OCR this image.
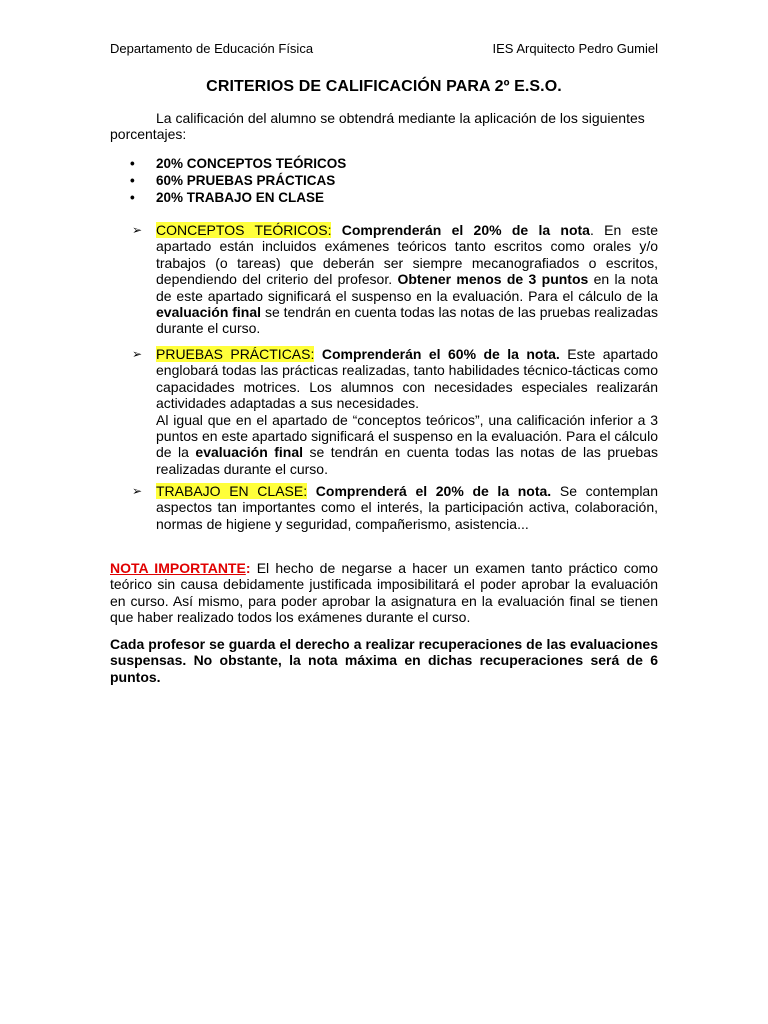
Departamento de Educación Física	IES Arquitecto Pedro Gumiel
CRITERIOS DE CALIFICACIÓN PARA 2º E.S.O.
La calificación del alumno se obtendrá mediante la aplicación de los siguientes porcentajes:
• 20% CONCEPTOS TEÓRICOS
• 60% PRUEBAS PRÁCTICAS
• 20% TRABAJO EN CLASE
➢ CONCEPTOS TEÓRICOS: Comprenderán el 20% de la nota. En este apartado están incluidos exámenes teóricos tanto escritos como orales y/o trabajos (o tareas) que deberán ser siempre mecanografiados o escritos, dependiendo del criterio del profesor. Obtener menos de 3 puntos en la nota de este apartado significará el suspenso en la evaluación. Para el cálculo de la evaluación final se tendrán en cuenta todas las notas de las pruebas realizadas durante el curso.
➢ PRUEBAS PRÁCTICAS: Comprenderán el 60% de la nota. Este apartado englobará todas las prácticas realizadas, tanto habilidades técnico-tácticas como capacidades motrices. Los alumnos con necesidades especiales realizarán actividades adaptadas a sus necesidades.
Al igual que en el apartado de “conceptos teóricos”, una calificación inferior a 3 puntos en este apartado significará el suspenso en la evaluación. Para el cálculo de la evaluación final se tendrán en cuenta todas las notas de las pruebas realizadas durante el curso.
➢ TRABAJO EN CLASE: Comprenderá el 20% de la nota. Se contemplan aspectos tan importantes como el interés, la participación activa, colaboración, normas de higiene y seguridad, compañerismo, asistencia...
NOTA IMPORTANTE: El hecho de negarse a hacer un examen tanto práctico como teórico sin causa debidamente justificada imposibilitará el poder aprobar la evaluación en curso. Así mismo, para poder aprobar la asignatura en la evaluación final se tienen que haber realizado todos los exámenes durante el curso.
Cada profesor se guarda el derecho a realizar recuperaciones de las evaluaciones suspensas. No obstante, la nota máxima en dichas recuperaciones será de 6 puntos.
